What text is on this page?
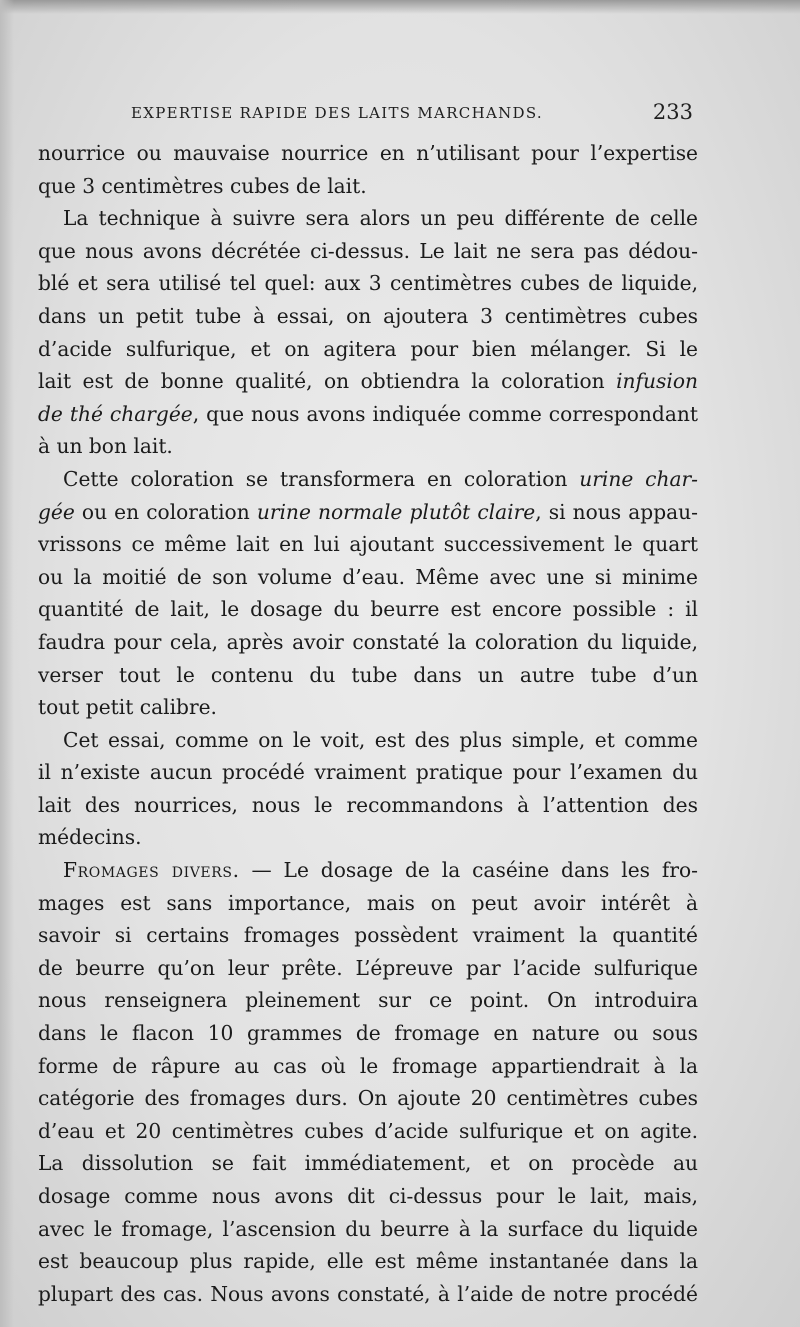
EXPERTISE RAPIDE DES LAITS MARCHANDS.	233
nourrice ou mauvaise nourrice en n’utilisant pour l’expertise
que 3 centimètres cubes de lait.
La technique à suivre sera alors un peu différente de celle
que nous avons décrétée ci-dessus. Le lait ne sera pas dédou-
blé et sera utilisé tel quel: aux 3 centimètres cubes de liquide,
dans un petit tube à essai, on ajoutera 3 centimètres cubes
d’acide sulfurique, et on agitera pour bien mélanger. Si le
lait est de bonne qualité, on obtiendra la coloration infusion
de thé chargée, que nous avons indiquée comme correspondant
à un bon lait.
Cette coloration se transformera en coloration urine char-
gée ou en coloration urine normale plutôt claire, si nous appau-
vrissons ce même lait en lui ajoutant successivement le quart
ou la moitié de son volume d’eau. Même avec une si minime
quantité de lait, le dosage du beurre est encore possible : il
faudra pour cela, après avoir constaté la coloration du liquide,
verser tout le contenu du tube dans un autre tube d’un
tout petit calibre.
Cet essai, comme on le voit, est des plus simple, et comme
il n’existe aucun procédé vraiment pratique pour l’examen du
lait des nourrices, nous le recommandons à l’attention des
médecins.
Fromages divers. — Le dosage de la caséine dans les fro-
mages est sans importance, mais on peut avoir intérêt à
savoir si certains fromages possèdent vraiment la quantité
de beurre qu’on leur prête. L’épreuve par l’acide sulfurique
nous renseignera pleinement sur ce point. On introduira
dans le flacon 10 grammes de fromage en nature ou sous
forme de râpure au cas où le fromage appartiendrait à la
catégorie des fromages durs. On ajoute 20 centimètres cubes
d’eau et 20 centimètres cubes d’acide sulfurique et on agite.
La dissolution se fait immédiatement, et on procède au
dosage comme nous avons dit ci-dessus pour le lait, mais,
avec le fromage, l’ascension du beurre à la surface du liquide
est beaucoup plus rapide, elle est même instantanée dans la
plupart des cas. Nous avons constaté, à l’aide de notre procédé
